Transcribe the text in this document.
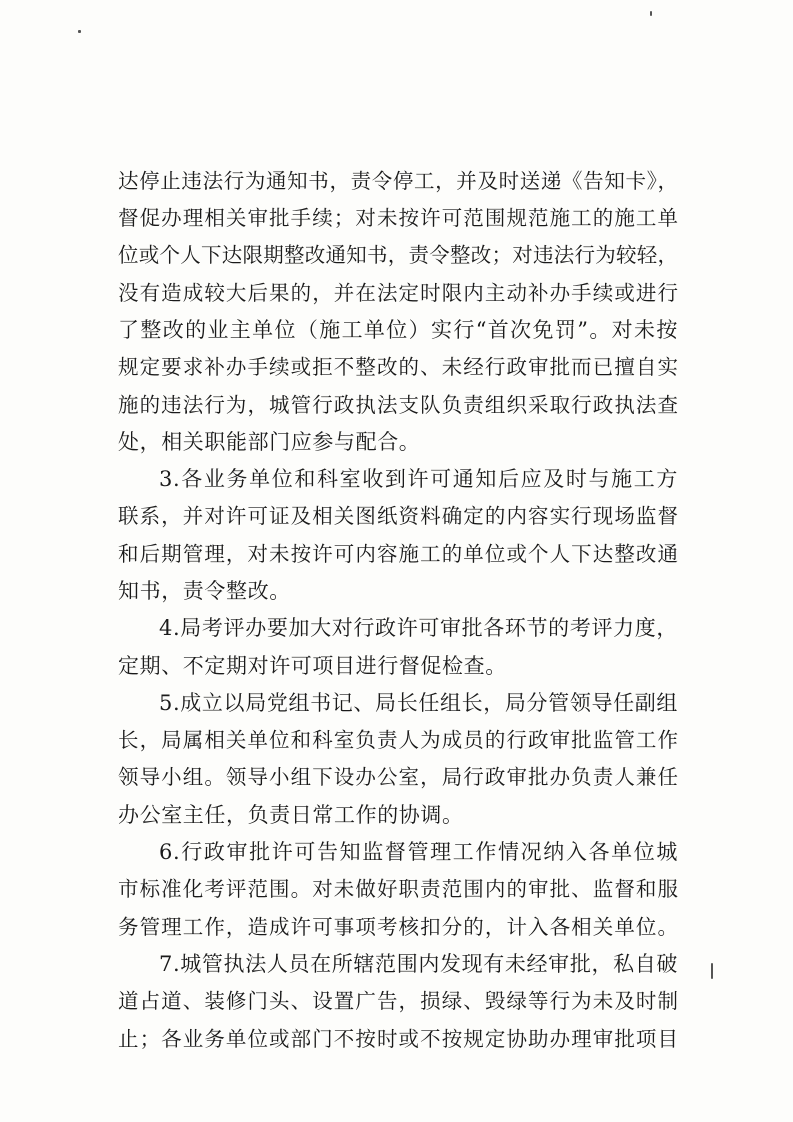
达停止违法行为通知书，责令停工，并及时送递《告知卡》，
督促办理相关审批手续；对未按许可范围规范施工的施工单
位或个人下达限期整改通知书，责令整改；对违法行为较轻，
没有造成较大后果的，并在法定时限内主动补办手续或进行
了整改的业主单位（施工单位）实行“首次免罚”。对未按
规定要求补办手续或拒不整改的、未经行政审批而已擅自实
施的违法行为，城管行政执法支队负责组织采取行政执法查
处，相关职能部门应参与配合。
3.各业务单位和科室收到许可通知后应及时与施工方
联系，并对许可证及相关图纸资料确定的内容实行现场监督
和后期管理，对未按许可内容施工的单位或个人下达整改通
知书，责令整改。
4.局考评办要加大对行政许可审批各环节的考评力度，
定期、不定期对许可项目进行督促检查。
5.成立以局党组书记、局长任组长，局分管领导任副组
长，局属相关单位和科室负责人为成员的行政审批监管工作
领导小组。领导小组下设办公室，局行政审批办负责人兼任
办公室主任，负责日常工作的协调。
6.行政审批许可告知监督管理工作情况纳入各单位城
市标准化考评范围。对未做好职责范围内的审批、监督和服
务管理工作，造成许可事项考核扣分的，计入各相关单位。
7.城管执法人员在所辖范围内发现有未经审批，私自破
道占道、装修门头、设置广告，损绿、毁绿等行为未及时制
止；各业务单位或部门不按时或不按规定协助办理审批项目
